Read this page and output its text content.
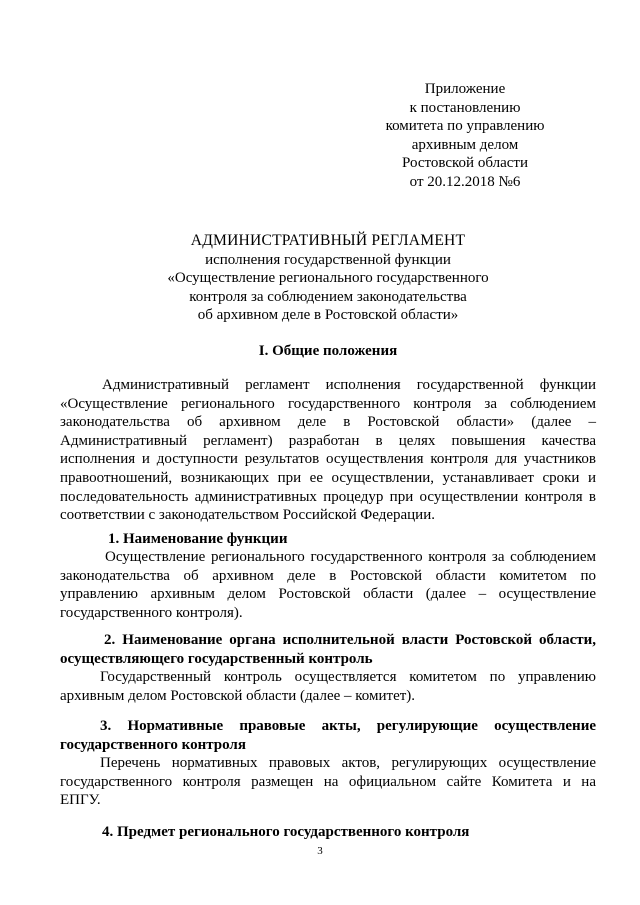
Приложение
к постановлению
комитета по управлению
архивным делом
Ростовской области
от 20.12.2018 №6
АДМИНИСТРАТИВНЫЙ РЕГЛАМЕНТ
исполнения государственной функции
«Осуществление регионального государственного
контроля за соблюдением законодательства
об архивном деле в Ростовской области»
I. Общие положения
Административный регламент исполнения государственной функции
«Осуществление регионального государственного контроля за соблюдением
законодательства об архивном деле в Ростовской области» (далее –
Административный регламент) разработан в целях повышения качества
исполнения и доступности результатов осуществления контроля для участников
правоотношений, возникающих при ее осуществлении, устанавливает сроки и
последовательность административных процедур при осуществлении контроля в
соответствии с законодательством Российской Федерации.
1. Наименование функции
Осуществление регионального государственного контроля за соблюдением
законодательства об архивном деле в Ростовской области комитетом по
управлению архивным делом Ростовской области (далее – осуществление
государственного контроля).
2. Наименование органа исполнительной власти Ростовской области,
осуществляющего государственный контроль
Государственный контроль осуществляется комитетом по управлению
архивным делом Ростовской области (далее – комитет).
3. Нормативные правовые акты, регулирующие осуществление
государственного контроля
Перечень нормативных правовых актов, регулирующих осуществление
государственного контроля размещен на официальном сайте Комитета и на
ЕПГУ.
4. Предмет регионального государственного контроля
3
